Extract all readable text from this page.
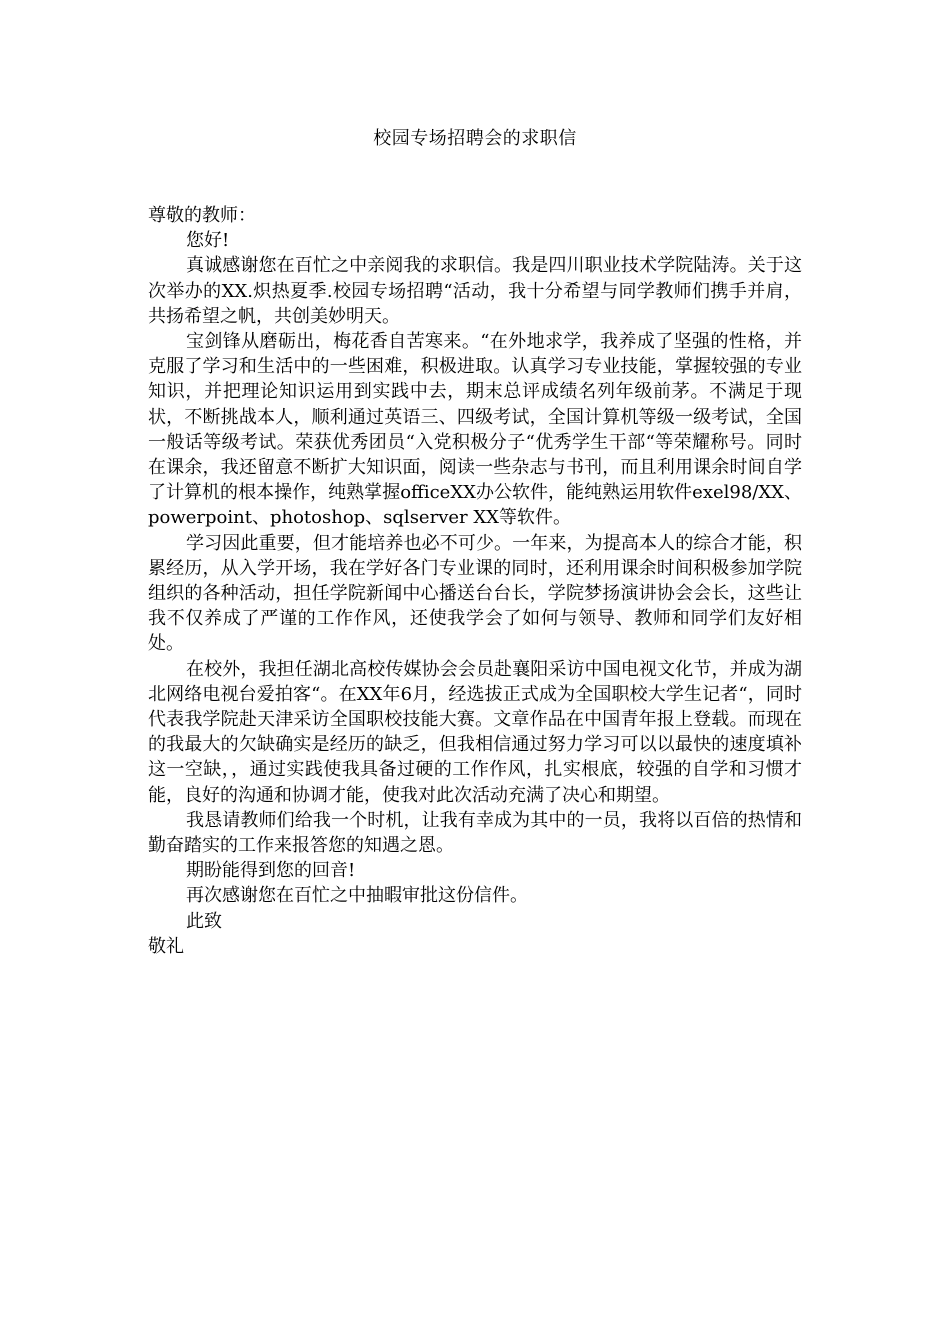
校园专场招聘会的求职信

尊敬的教师：

您好!

真诚感谢您在百忙之中亲阅我的求职信。我是四川职业技术学院陆涛。关于这次举办的XX.炽热夏季.校园专场招聘“活动，我十分希望与同学教师们携手并肩，共扬希望之帆，共创美妙明天。

宝剑锋从磨砺出，梅花香自苦寒来。“在外地求学，我养成了坚强的性格，并克服了学习和生活中的一些困难，积极进取。认真学习专业技能，掌握较强的专业知识，并把理论知识运用到实践中去，期末总评成绩名列年级前茅。不满足于现状，不断挑战本人，顺利通过英语三、四级考试，全国计算机等级一级考试，全国一般话等级考试。荣获优秀团员“入党积极分子“优秀学生干部“等荣耀称号。同时在课余，我还留意不断扩大知识面，阅读一些杂志与书刊，而且利用课余时间自学了计算机的根本操作，纯熟掌握officeXX办公软件，能纯熟运用软件exel98/XX、powerpoint、photoshop、sqlserver XX等软件。

学习因此重要，但才能培养也必不可少。一年来，为提高本人的综合才能，积累经历，从入学开场，我在学好各门专业课的同时，还利用课余时间积极参加学院组织的各种活动，担任学院新闻中心播送台台长，学院梦扬演讲协会会长，这些让我不仅养成了严谨的工作作风，还使我学会了如何与领导、教师和同学们友好相处。

在校外，我担任湖北高校传媒协会会员赴襄阳采访中国电视文化节，并成为湖北网络电视台爱拍客“。在XX年6月，经选拔正式成为全国职校大学生记者“，同时代表我学院赴天津采访全国职校技能大赛。文章作品在中国青年报上登载。而现在的我最大的欠缺确实是经历的缺乏，但我相信通过努力学习可以以最快的速度填补这一空缺，，通过实践使我具备过硬的工作作风，扎实根底，较强的自学和习惯才能，良好的沟通和协调才能，使我对此次活动充满了决心和期望。

我恳请教师们给我一个时机，让我有幸成为其中的一员，我将以百倍的热情和勤奋踏实的工作来报答您的知遇之恩。

期盼能得到您的回音!

再次感谢您在百忙之中抽暇审批这份信件。

此致

敬礼
